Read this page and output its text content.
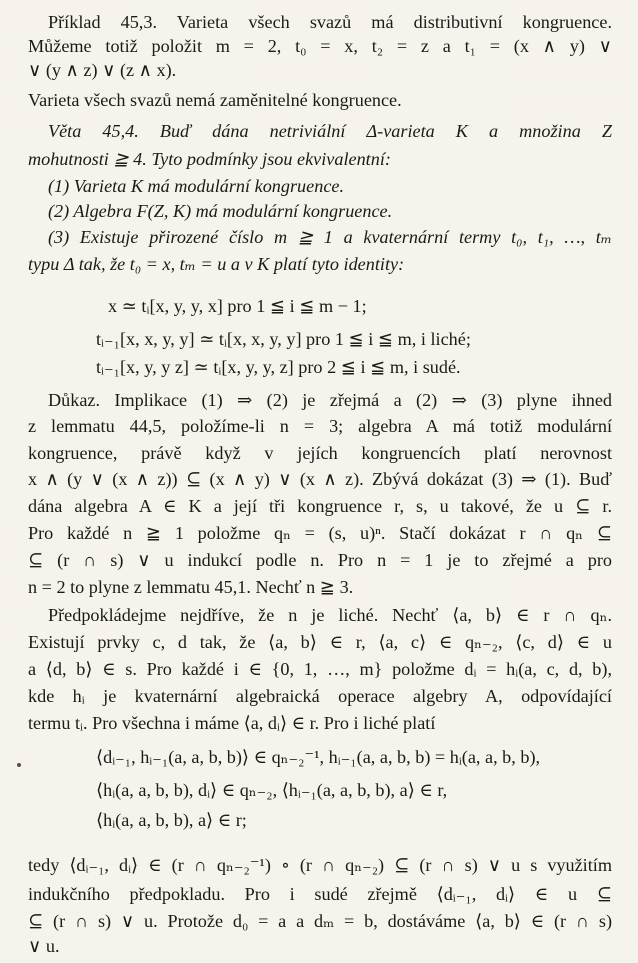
Příklad 45,3. Varieta všech svazů má distributivní kongruence.
Můžeme totiž položit m = 2, t₀ = x, t₂ = z a t₁ = (x ∧ y) ∨
∨ (y ∧ z) ∨ (z ∧ x).
Varieta všech svazů nemá zaměnitelné kongruence.
Věta 45,4. Buď dána netriviální Δ-varieta K a množina Z
mohutnosti ≧ 4. Tyto podmínky jsou ekvivalentní:
(1) Varieta K má modulární kongruence.
(2) Algebra F(Z, K) má modulární kongruence.
(3) Existuje přirozené číslo m ≧ 1 a kvaternární termy t₀, t₁, …, tₘ
typu Δ tak, že t₀ = x, tₘ = u a v K platí tyto identity:
x ≃ tᵢ[x, y, y, x] pro 1 ≦ i ≦ m − 1;
tᵢ₋₁[x, x, y, y] ≃ tᵢ[x, x, y, y] pro 1 ≦ i ≦ m, i liché;
tᵢ₋₁[x, y, y z] ≃ tᵢ[x, y, y, z] pro 2 ≦ i ≦ m, i sudé.
Důkaz. Implikace (1) ⇒ (2) je zřejmá a (2) ⇒ (3) plyne ihned
z lemmatu 44,5, položíme-li n = 3; algebra A má totiž modulární
kongruence, právě když v jejích kongruencích platí nerovnost
x ∧ (y ∨ (x ∧ z)) ⊆ (x ∧ y) ∨ (x ∧ z). Zbývá dokázat (3) ⇒ (1). Buď
dána algebra A ∈ K a její tři kongruence r, s, u takové, že u ⊆ r.
Pro každé n ≧ 1 položme qₙ = (s, u)ⁿ. Stačí dokázat r ∩ qₙ ⊆
⊆ (r ∩ s) ∨ u indukcí podle n. Pro n = 1 je to zřejmé a pro
n = 2 to plyne z lemmatu 45,1. Nechť n ≧ 3.
Předpokládejme nejdříve, že n je liché. Nechť ⟨a, b⟩ ∈ r ∩ qₙ.
Existují prvky c, d tak, že ⟨a, b⟩ ∈ r, ⟨a, c⟩ ∈ qₙ₋₂, ⟨c, d⟩ ∈ u
a ⟨d, b⟩ ∈ s. Pro každé i ∈ {0, 1, …, m} položme dᵢ = hᵢ(a, c, d, b),
kde hᵢ je kvaternární algebraická operace algebry A, odpovídající
termu tᵢ. Pro všechna i máme ⟨a, dᵢ⟩ ∈ r. Pro i liché platí
⟨dᵢ₋₁, hᵢ₋₁(a, a, b, b)⟩ ∈ qₙ₋₂⁻¹, hᵢ₋₁(a, a, b, b) = hᵢ(a, a, b, b),
⟨hᵢ(a, a, b, b), dᵢ⟩ ∈ qₙ₋₂, ⟨hᵢ₋₁(a, a, b, b), a⟩ ∈ r,
⟨hᵢ(a, a, b, b), a⟩ ∈ r;
tedy ⟨dᵢ₋₁, dᵢ⟩ ∈ (r ∩ qₙ₋₂⁻¹) ∘ (r ∩ qₙ₋₂) ⊆ (r ∩ s) ∨ u s využitím
indukčního předpokladu. Pro i sudé zřejmě ⟨dᵢ₋₁, dᵢ⟩ ∈ u ⊆
⊆ (r ∩ s) ∨ u. Protože d₀ = a a dₘ = b, dostáváme ⟨a, b⟩ ∈ (r ∩ s)
∨ u.
